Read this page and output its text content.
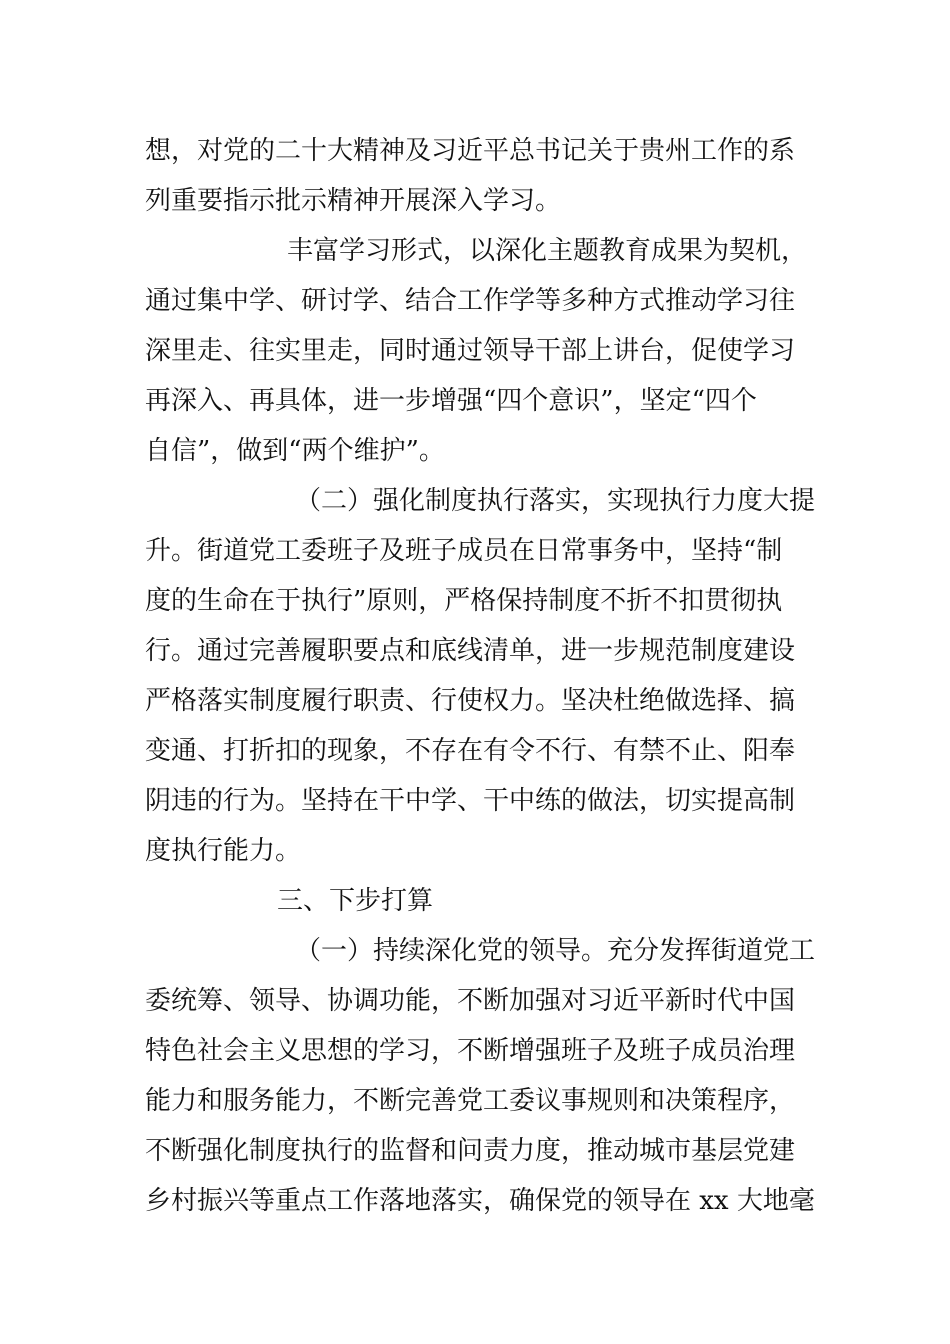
想，对党的二十大精神及习近平总书记关于贵州工作的系
列重要指示批示精神开展深入学习。
丰富学习形式，以深化主题教育成果为契机，
通过集中学、研讨学、结合工作学等多种方式推动学习往
深里走、往实里走，同时通过领导干部上讲台，促使学习
再深入、再具体，进一步增强“四个意识”，坚定“四个
自信”，做到“两个维护”。
（二）强化制度执行落实，实现执行力度大提
升。街道党工委班子及班子成员在日常事务中，坚持“制
度的生命在于执行”原则，严格保持制度不折不扣贯彻执
行。通过完善履职要点和底线清单，进一步规范制度建设
严格落实制度履行职责、行使权力。坚决杜绝做选择、搞
变通、打折扣的现象，不存在有令不行、有禁不止、阳奉
阴违的行为。坚持在干中学、干中练的做法，切实提高制
度执行能力。
三、下步打算
（一）持续深化党的领导。充分发挥街道党工
委统筹、领导、协调功能，不断加强对习近平新时代中国
特色社会主义思想的学习，不断增强班子及班子成员治理
能力和服务能力，不断完善党工委议事规则和决策程序，
不断强化制度执行的监督和问责力度，推动城市基层党建
乡村振兴等重点工作落地落实，确保党的领导在 xx 大地毫
